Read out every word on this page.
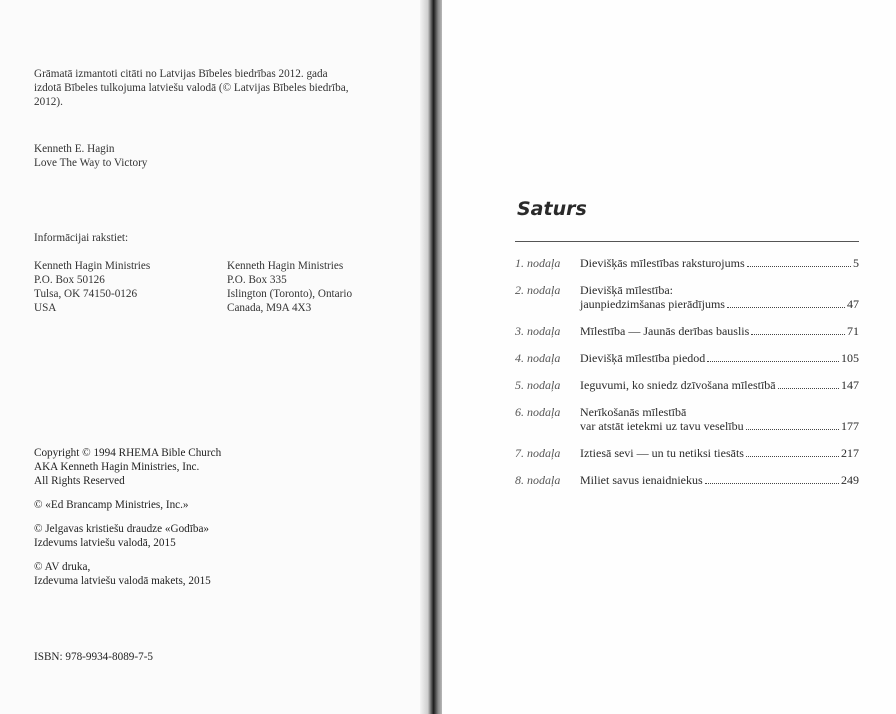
Grāmatā izmantoti citāti no Latvijas Bībeles biedrības 2012. gada

izdotā Bībeles tulkojuma latviešu valodā (© Latvijas Bībeles biedrība,

2012).

Kenneth E. Hagin

Love The Way to Victory

Informācijai rakstiet:

Kenneth Hagin Ministries

P.O. Box 50126

Tulsa, OK 74150-0126

USA

Kenneth Hagin Ministries

P.O. Box 335

Islington (Toronto), Ontario

Canada, M9A 4X3

Copyright © 1994 RHEMA Bible Church

AKA Kenneth Hagin Ministries, Inc.

All Rights Reserved

© «Ed Brancamp Ministries, Inc.»

© Jelgavas kristiešu draudze «Godība»

Izdevums latviešu valodā, 2015

© AV druka,

Izdevuma latviešu valodā makets, 2015

ISBN: 978-9934-8089-7-5
Saturs
1. nodaļa	Dievišķās mīlestības raksturojums	5
2. nodaļa	Dievišķā mīlestība:
jaunpiedzimšanas pierādījums	47
3. nodaļa	Mīlestība — Jaunās derības bauslis	71
4. nodaļa	Dievišķā mīlestība piedod	105
5. nodaļa	Ieguvumi, ko sniedz dzīvošana mīlestībā	147
6. nodaļa	Nerīkošanās mīlestībā
var atstāt ietekmi uz tavu veselību	177
7. nodaļa	Iztiesā sevi — un tu netiksi tiesāts	217
8. nodaļa	Miliet savus ienaidniekus	249
